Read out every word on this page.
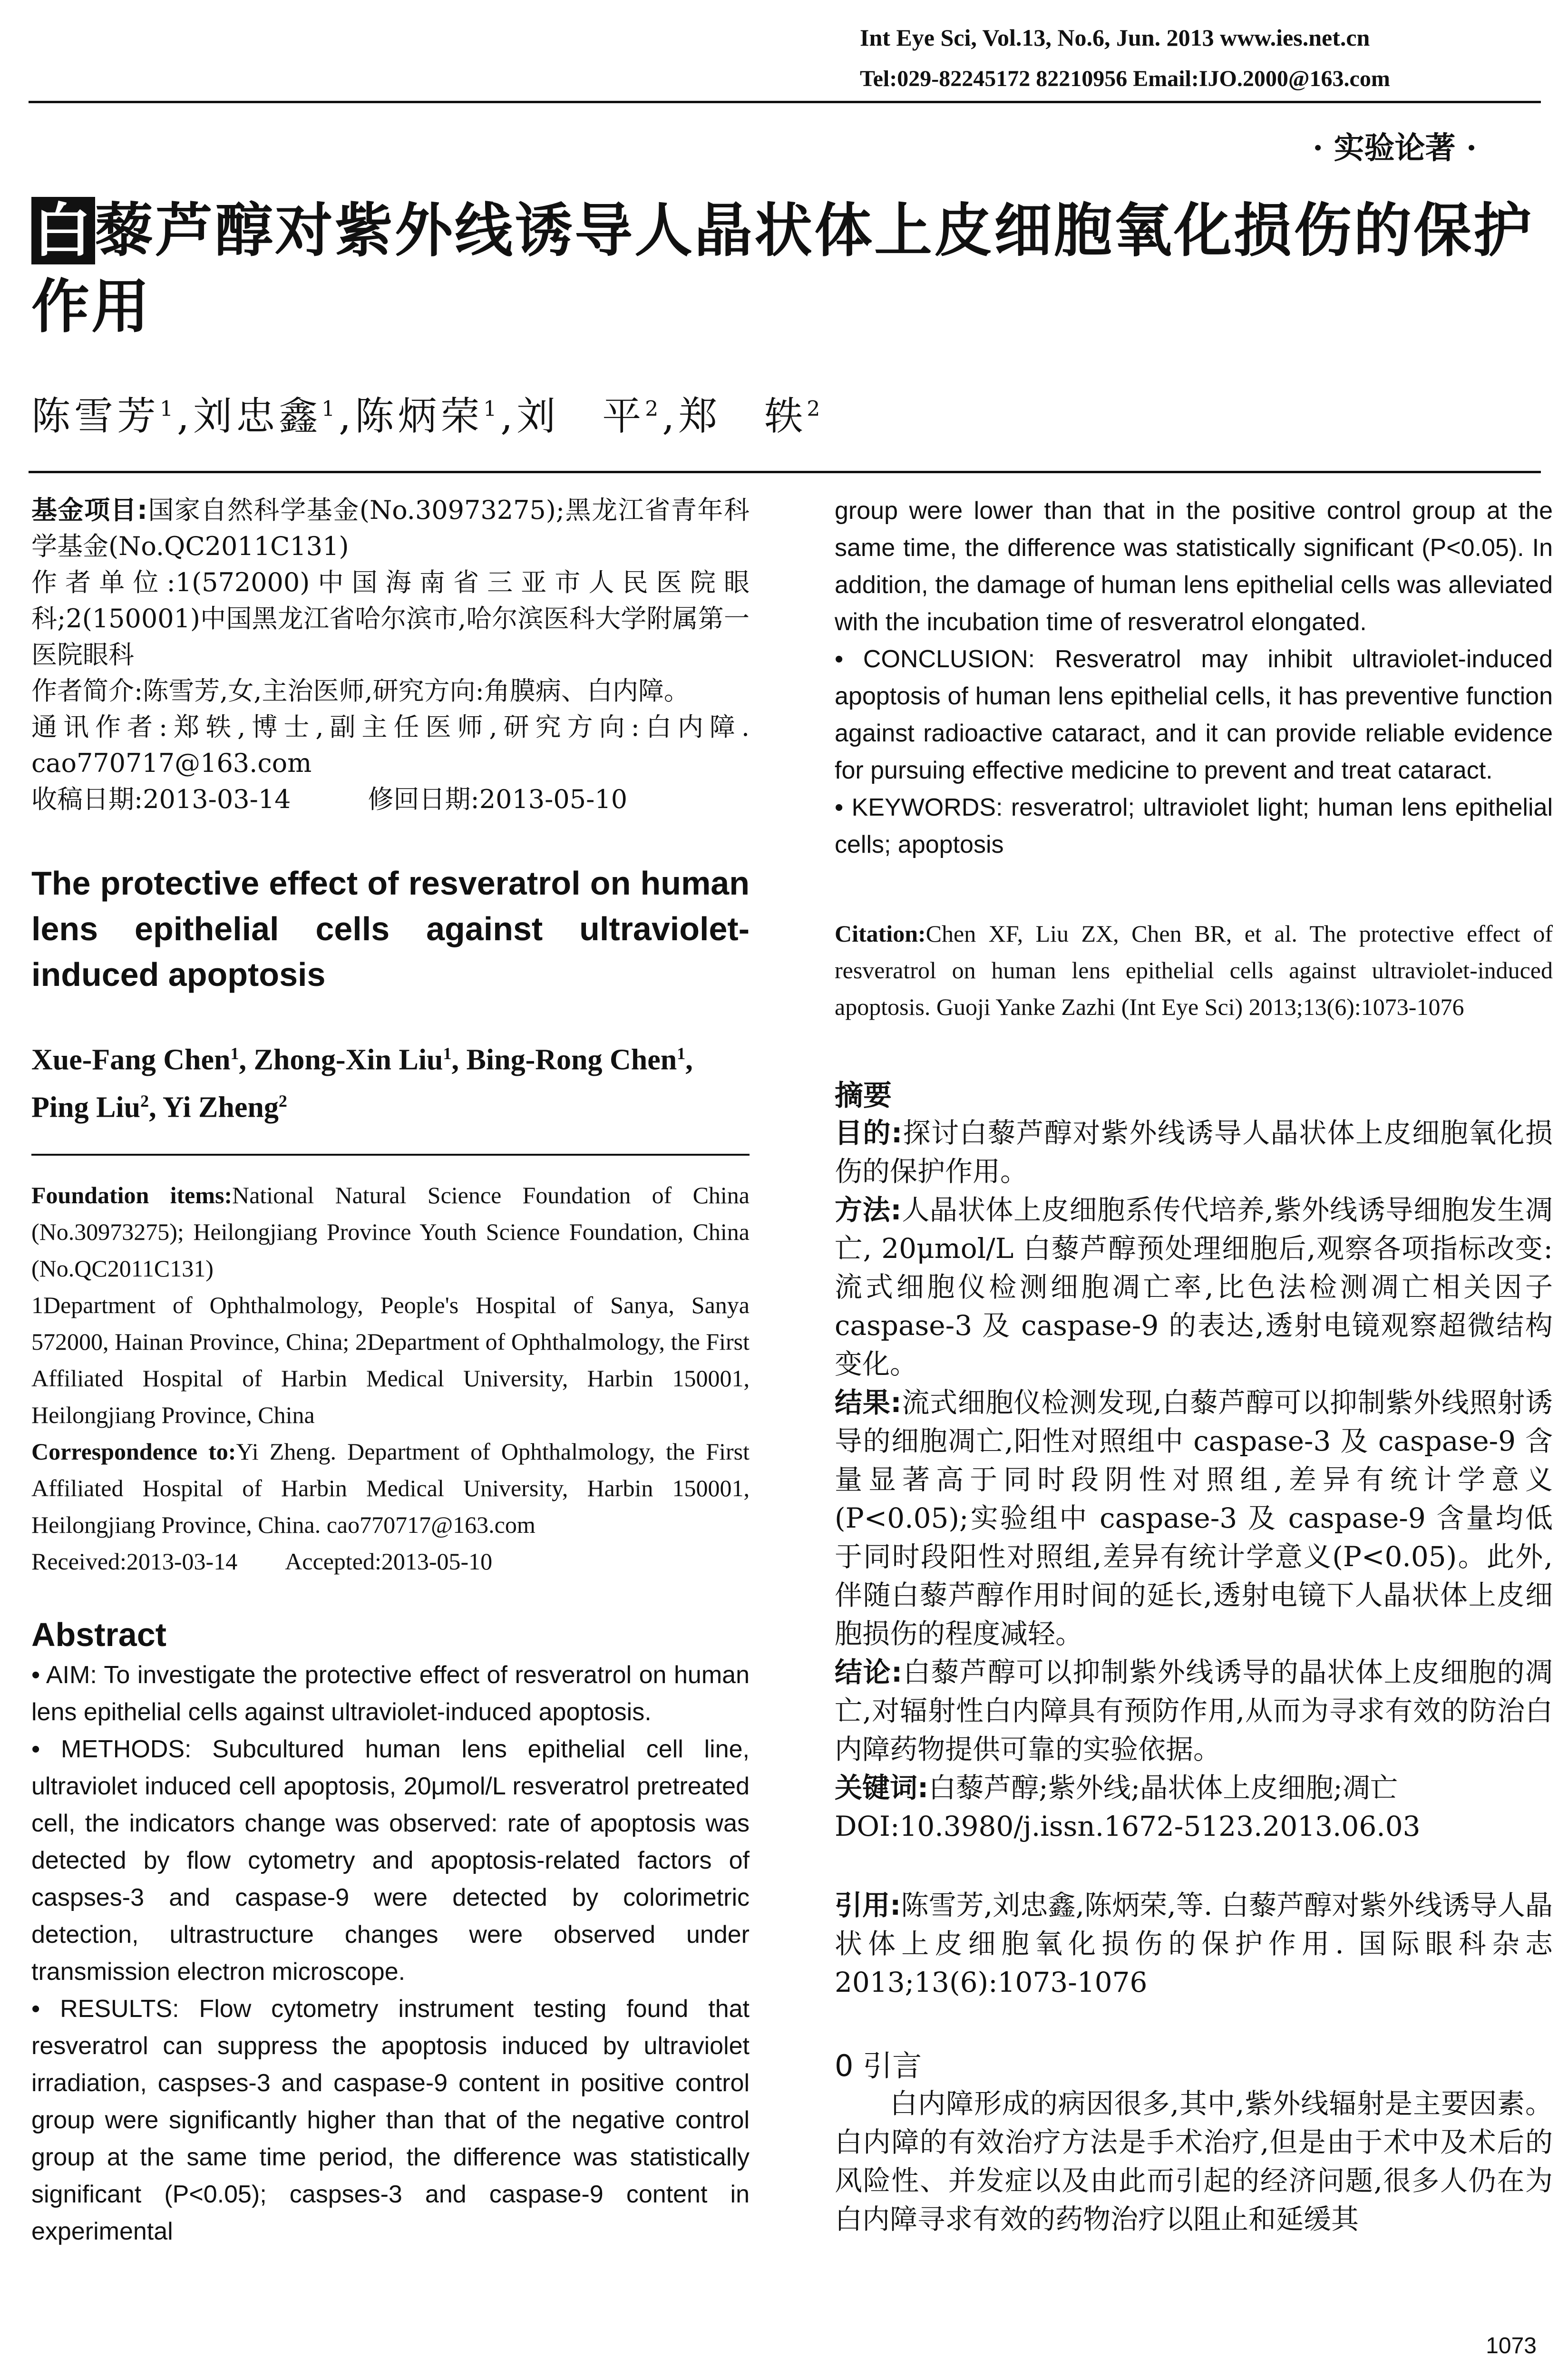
Int Eye Sci, Vol.13, No.6, Jun. 2013 www.ies.net.cn
Tel:029-82245172 82210956 Email:IJO.2000@163.com
· 实验论著 ·
白藜芦醇对紫外线诱导人晶状体上皮细胞氧化损伤的保护作用
陈雪芳$^1$,刘忠鑫$^1$,陈炳荣$^1$,刘　平$^2$,郑　轶$^2$

基金项目:国家自然科学基金(No.30973275);黑龙江省青年科学基金(No.QC2011C131)

作者单位:1(572000)中国海南省三亚市人民医院眼科;2(150001)中国黑龙江省哈尔滨市,哈尔滨医科大学附属第一医院眼科

作者简介:陈雪芳,女,主治医师,研究方向:角膜病、白内障。

通讯作者:郑轶,博士,副主任医师,研究方向:白内障. cao770717@163.com

收稿日期:2013-03-14　　　修回日期:2013-05-10

The protective effect of resveratrol on human lens epithelial cells against ultraviolet-induced apoptosis
Xue-Fang Chen$^1$, Zhong-Xin Liu$^1$, Bing-Rong Chen$^1$, Ping Liu$^2$, Yi Zheng$^2$

Foundation items:National Natural Science Foundation of China (No.30973275); Heilongjiang Province Youth Science Foundation, China (No.QC2011C131)

1Department of Ophthalmology, People's Hospital of Sanya, Sanya 572000, Hainan Province, China; 2Department of Ophthalmology, the First Affiliated Hospital of Harbin Medical University, Harbin 150001, Heilongjiang Province, China

Correspondence to:Yi Zheng. Department of Ophthalmology, the First Affiliated Hospital of Harbin Medical University, Harbin 150001, Heilongjiang Province, China. cao770717@163.com

Received:2013-03-14　　Accepted:2013-05-10

Abstract

• AIM: To investigate the protective effect of resveratrol on human lens epithelial cells against ultraviolet-induced apoptosis.

• METHODS: Subcultured human lens epithelial cell line, ultraviolet induced cell apoptosis, 20μmol/L resveratrol pretreated cell, the indicators change was observed: rate of apoptosis was detected by flow cytometry and apoptosis-related factors of caspses-3 and caspase-9 were detected by colorimetric detection, ultrastructure changes were observed under transmission electron microscope.

• RESULTS: Flow cytometry instrument testing found that resveratrol can suppress the apoptosis induced by ultraviolet irradiation, caspses-3 and caspase-9 content in positive control group were significantly higher than that of the negative control group at the same time period, the difference was statistically significant (P<0.05); caspses-3 and caspase-9 content in experimental

group were lower than that in the positive control group at the same time, the difference was statistically significant (P<0.05). In addition, the damage of human lens epithelial cells was alleviated with the incubation time of resveratrol elongated.

• CONCLUSION: Resveratrol may inhibit ultraviolet-induced apoptosis of human lens epithelial cells, it has preventive function against radioactive cataract, and it can provide reliable evidence for pursuing effective medicine to prevent and treat cataract.

• KEYWORDS: resveratrol; ultraviolet light; human lens epithelial cells; apoptosis

Citation:Chen XF, Liu ZX, Chen BR, et al. The protective effect of resveratrol on human lens epithelial cells against ultraviolet-induced apoptosis. Guoji Yanke Zazhi (Int Eye Sci) 2013;13(6):1073-1076
摘要

目的:探讨白藜芦醇对紫外线诱导人晶状体上皮细胞氧化损伤的保护作用。

方法:人晶状体上皮细胞系传代培养,紫外线诱导细胞发生凋亡, 20μmol/L 白藜芦醇预处理细胞后,观察各项指标改变:流式细胞仪检测细胞凋亡率,比色法检测凋亡相关因子 caspase-3 及 caspase-9 的表达,透射电镜观察超微结构变化。

结果:流式细胞仪检测发现,白藜芦醇可以抑制紫外线照射诱导的细胞凋亡,阳性对照组中 caspase-3 及 caspase-9 含量显著高于同时段阴性对照组,差异有统计学意义(P<0.05);实验组中 caspase-3 及 caspase-9 含量均低于同时段阳性对照组,差异有统计学意义(P<0.05)。此外,伴随白藜芦醇作用时间的延长,透射电镜下人晶状体上皮细胞损伤的程度减轻。

结论:白藜芦醇可以抑制紫外线诱导的晶状体上皮细胞的凋亡,对辐射性白内障具有预防作用,从而为寻求有效的防治白内障药物提供可靠的实验依据。

关键词:白藜芦醇;紫外线;晶状体上皮细胞;凋亡

DOI:10.3980/j.issn.1672-5123.2013.06.03

引用:陈雪芳,刘忠鑫,陈炳荣,等. 白藜芦醇对紫外线诱导人晶状体上皮细胞氧化损伤的保护作用. 国际眼科杂志 2013;13(6):1073-1076
0 引言
白内障形成的病因很多,其中,紫外线辐射是主要因素。白内障的有效治疗方法是手术治疗,但是由于术中及术后的风险性、并发症以及由此而引起的经济问题,很多人仍在为白内障寻求有效的药物治疗以阻止和延缓其
1073
